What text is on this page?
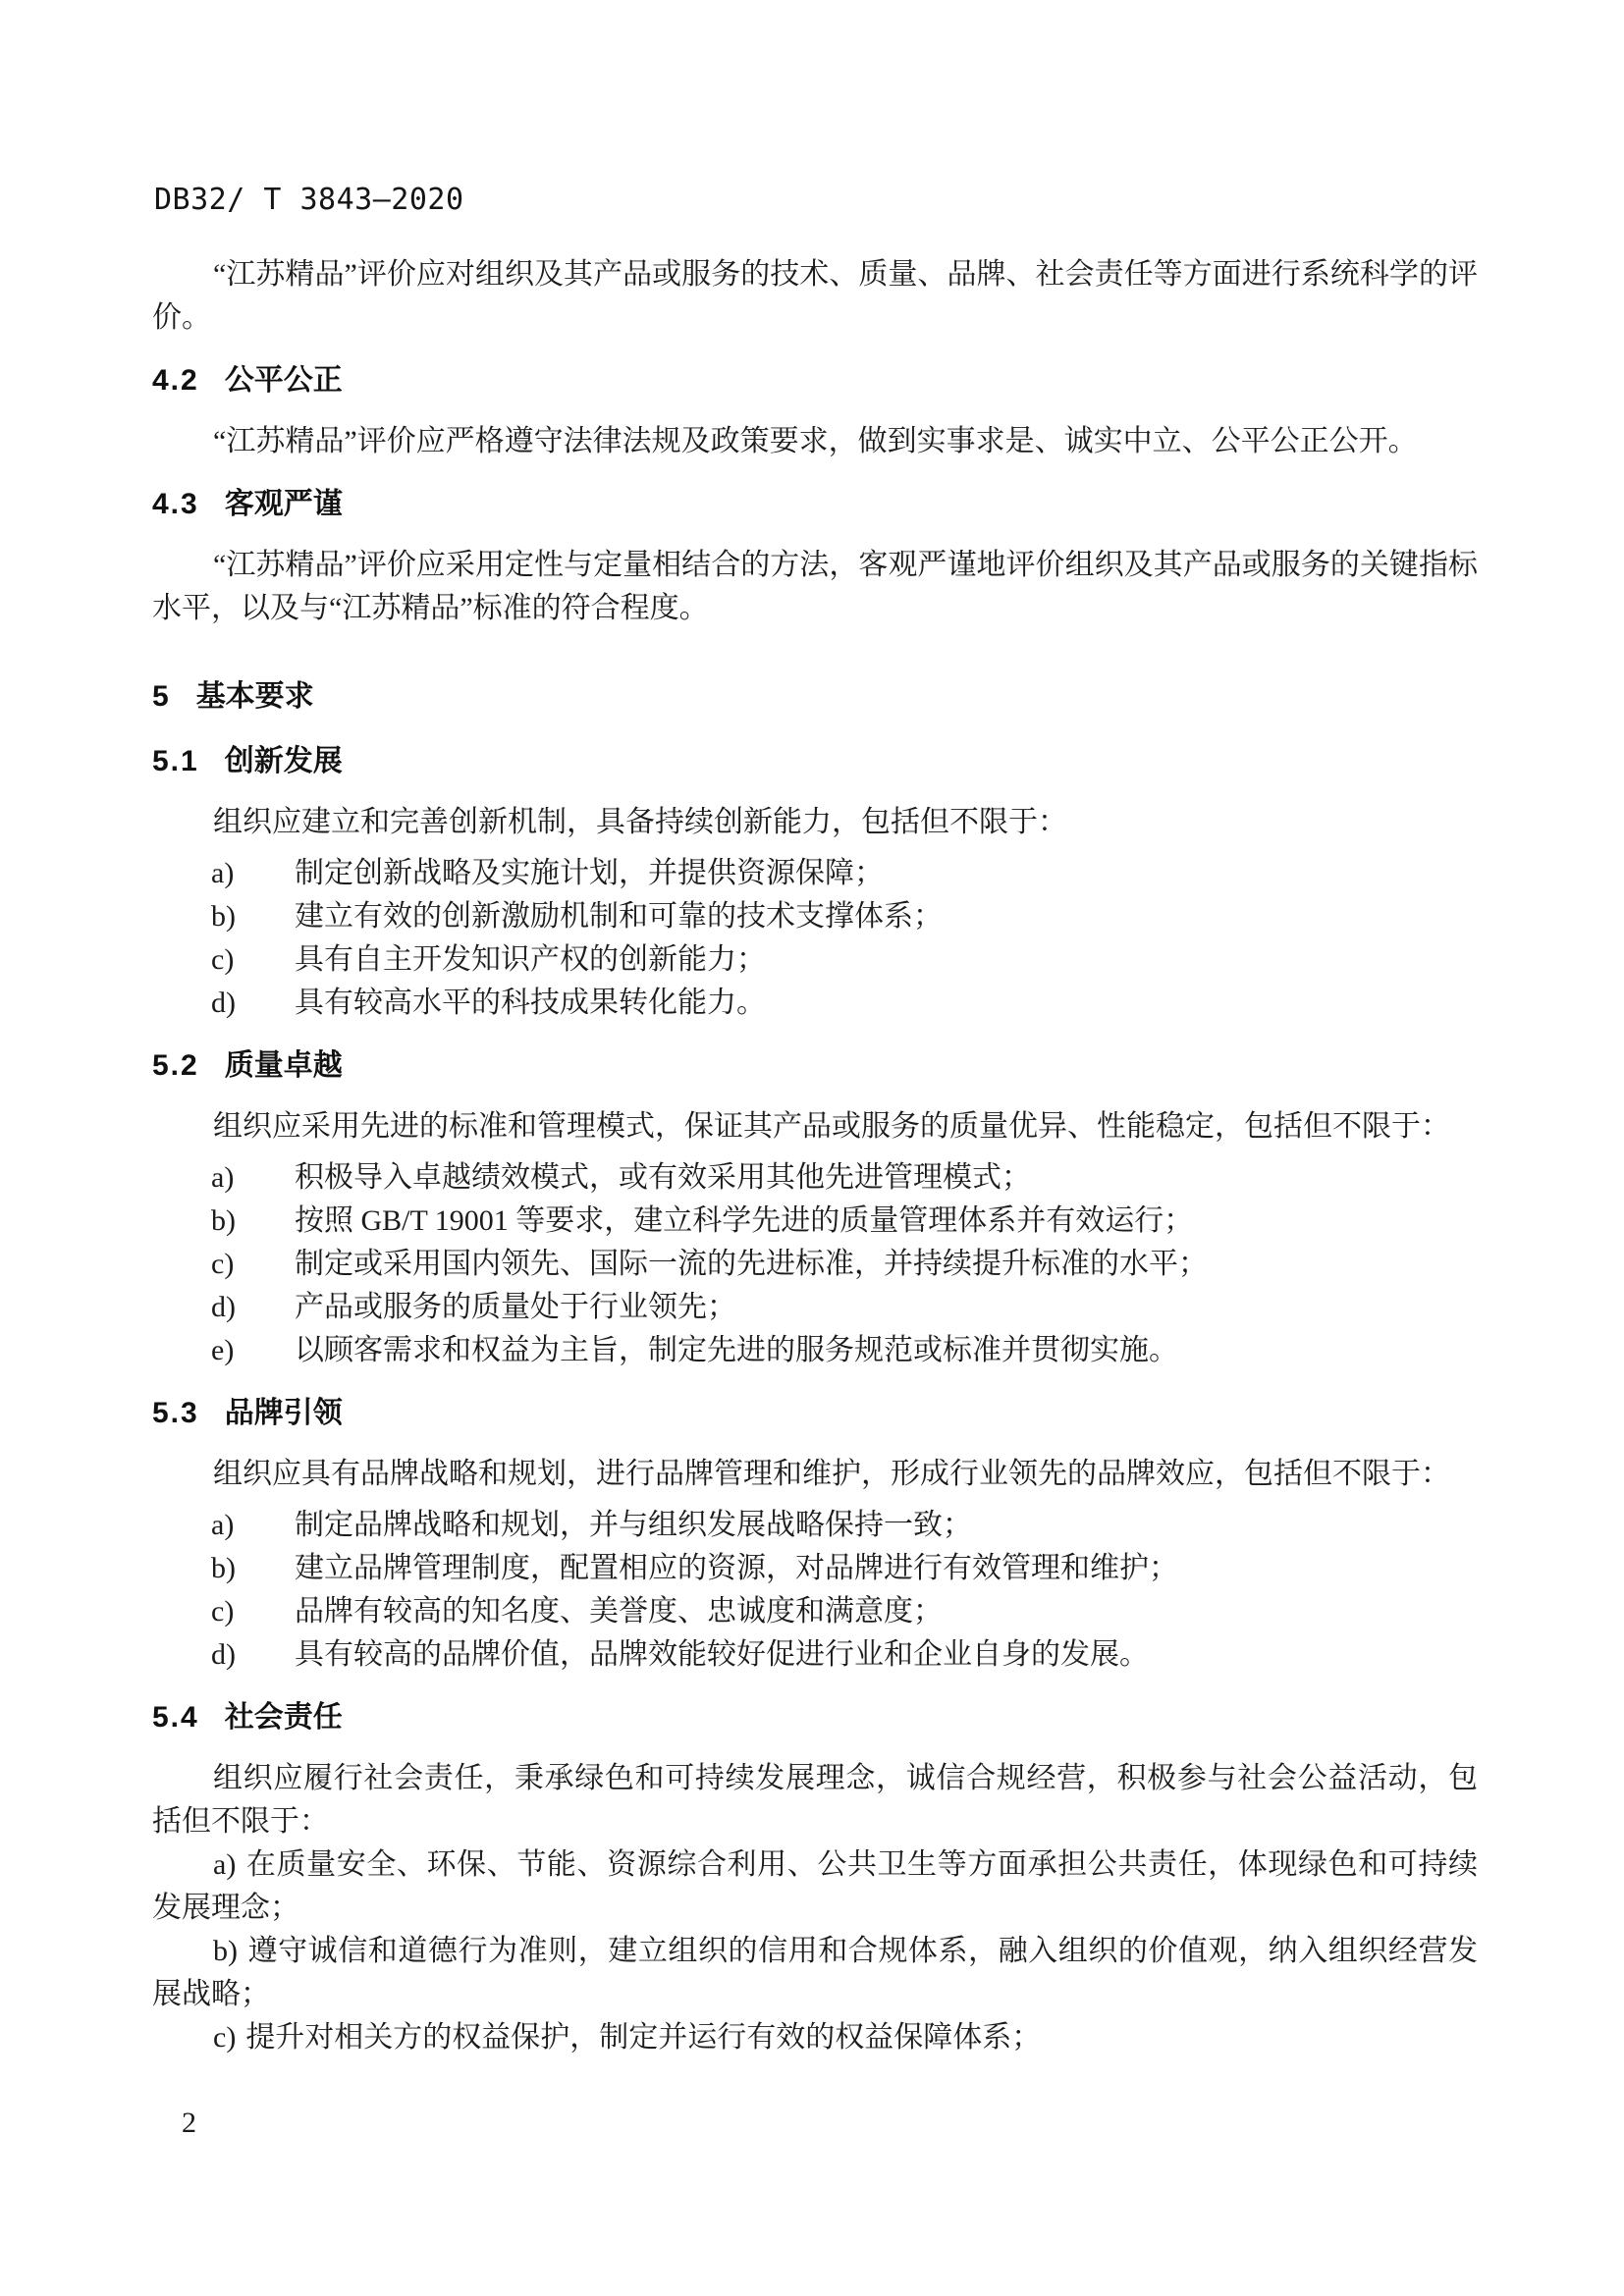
DB32/ T 3843—2020

“江苏精品”评价应对组织及其产品或服务的技术、质量、品牌、社会责任等方面进行系统科学的评价。

4.2 公平公正

“江苏精品”评价应严格遵守法律法规及政策要求，做到实事求是、诚实中立、公平公正公开。

4.3 客观严谨

“江苏精品”评价应采用定性与定量相结合的方法，客观严谨地评价组织及其产品或服务的关键指标水平，以及与“江苏精品”标准的符合程度。

5 基本要求
5.1 创新发展

组织应建立和完善创新机制，具备持续创新能力，包括但不限于：

a) 制定创新战略及实施计划，并提供资源保障；
b) 建立有效的创新激励机制和可靠的技术支撑体系；
c) 具有自主开发知识产权的创新能力；
d) 具有较高水平的科技成果转化能力。
5.2 质量卓越

组织应采用先进的标准和管理模式，保证其产品或服务的质量优异、性能稳定，包括但不限于：

a) 积极导入卓越绩效模式，或有效采用其他先进管理模式；
b) 按照 GB/T 19001 等要求，建立科学先进的质量管理体系并有效运行；
c) 制定或采用国内领先、国际一流的先进标准，并持续提升标准的水平；
d) 产品或服务的质量处于行业领先；
e) 以顾客需求和权益为主旨，制定先进的服务规范或标准并贯彻实施。
5.3 品牌引领

组织应具有品牌战略和规划，进行品牌管理和维护，形成行业领先的品牌效应，包括但不限于：

a) 制定品牌战略和规划，并与组织发展战略保持一致；
b) 建立品牌管理制度，配置相应的资源，对品牌进行有效管理和维护；
c) 品牌有较高的知名度、美誉度、忠诚度和满意度；
d) 具有较高的品牌价值，品牌效能较好促进行业和企业自身的发展。
5.4 社会责任

组织应履行社会责任，秉承绿色和可持续发展理念，诚信合规经营，积极参与社会公益活动，包括但不限于：

a) 在质量安全、环保、节能、资源综合利用、公共卫生等方面承担公共责任，体现绿色和可持续发展理念；

b) 遵守诚信和道德行为准则，建立组织的信用和合规体系，融入组织的价值观，纳入组织经营发展战略；

c) 提升对相关方的权益保护，制定并运行有效的权益保障体系；

2
